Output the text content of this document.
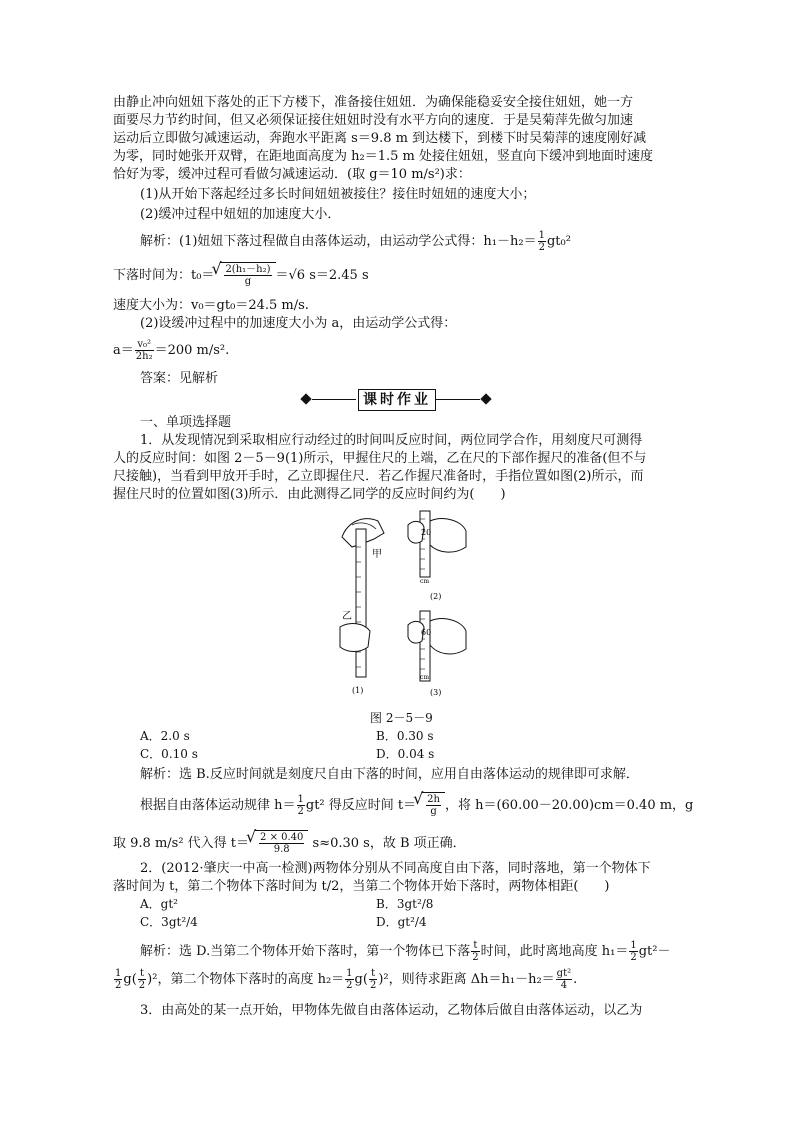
由静止冲向妞妞下落处的正下方楼下，准备接住妞妞．为确保能稳妥安全接住妞妞，她一方
面要尽力节约时间，但又必须保证接住妞妞时没有水平方向的速度．于是吴菊萍先做匀加速
运动后立即做匀减速运动，奔跑水平距离 s＝9.8 m 到达楼下，到楼下时吴菊萍的速度刚好减
为零，同时她张开双臂，在距地面高度为 h₂＝1.5 m 处接住妞妞，竖直向下缓冲到地面时速度
恰好为零，缓冲过程可看做匀减速运动．(取 g＝10 m/s²)求：
(1)从开始下落起经过多长时间妞妞被接住？接住时妞妞的速度大小；
(2)缓冲过程中妞妞的加速度大小．
解析：(1)妞妞下落过程做自由落体运动，由运动学公式得：$h_1-h_2= \frac{1}{2} gt_0^2$
下落时间为：t₀＝ √ $\frac{\text{2(h₁－h₂)}}{g} =√6$ s＝2.45 s
速度大小为：v₀＝gt₀＝24.5 m/s.
(2)设缓冲过程中的加速度大小为 a，由运动学公式得：
$a= \frac{\text{v₀²}}{\text{2h₂}} =200$ m/s².
答案：见解析
课时作业
一、单项选择题
1．从发现情况到采取相应行动经过的时间叫反应时间，两位同学合作，用刻度尺可测得
人的反应时间：如图 2－5－9(1)所示，甲握住尺的上端，乙在尺的下部作握尺的准备(但不与
尺接触)，当看到甲放开手时，乙立即握住尺．若乙作握尺准备时，手指位置如图(2)所示，而
握住尺时的位置如图(3)所示．由此测得乙同学的反应时间约为(　　)
甲
乙
(1)
20
cm
(2)
60
cm
(3)
图 2－5－9
A．2.0 s	B．0.30 s
C．0.10 s	D．0.04 s
解析：选 B.反应时间就是刻度尺自由下落的时间，应用自由落体运动的规律即可求解．
根据自由落体运动规律 $h= \frac{1}{2} gt^2$ 得反应时间 t＝ √ $\frac{2h}{g}$ ，将 h＝(60.00－20.00)cm＝0.40 m，g
取 9.8 m/s² 代入得 t＝ √ $\frac{2 \times 0.40}{9.8} s\approx 0.30$ s，故 B 项正确．
2．(2012·肇庆一中高一检测)两物体分别从不同高度自由下落，同时落地，第一个物体下
落时间为 t，第二个物体下落时间为 t/2，当第二个物体开始下落时，两物体相距(　　)
A．gt²	B．3gt²/8
C．3gt²/4	D．gt²/4
解析：选 D.当第二个物体开始下落时，第一个物体已下落 $\frac{t}{2}$ 时间，此时离地高度 $h_1= \frac{1}{2} gt^2-$
$\frac{1}{2} g( \frac{t}{2} )^2$，第二个物体下落时的高度 $h_2= \frac{1}{2} g( \frac{t}{2} )^2$，则待求距离 $\Delta h=h_1-h_2= \frac{\text{gt²}}{4}$ .
3．由高处的某一点开始，甲物体先做自由落体运动，乙物体后做自由落体运动，以乙为
